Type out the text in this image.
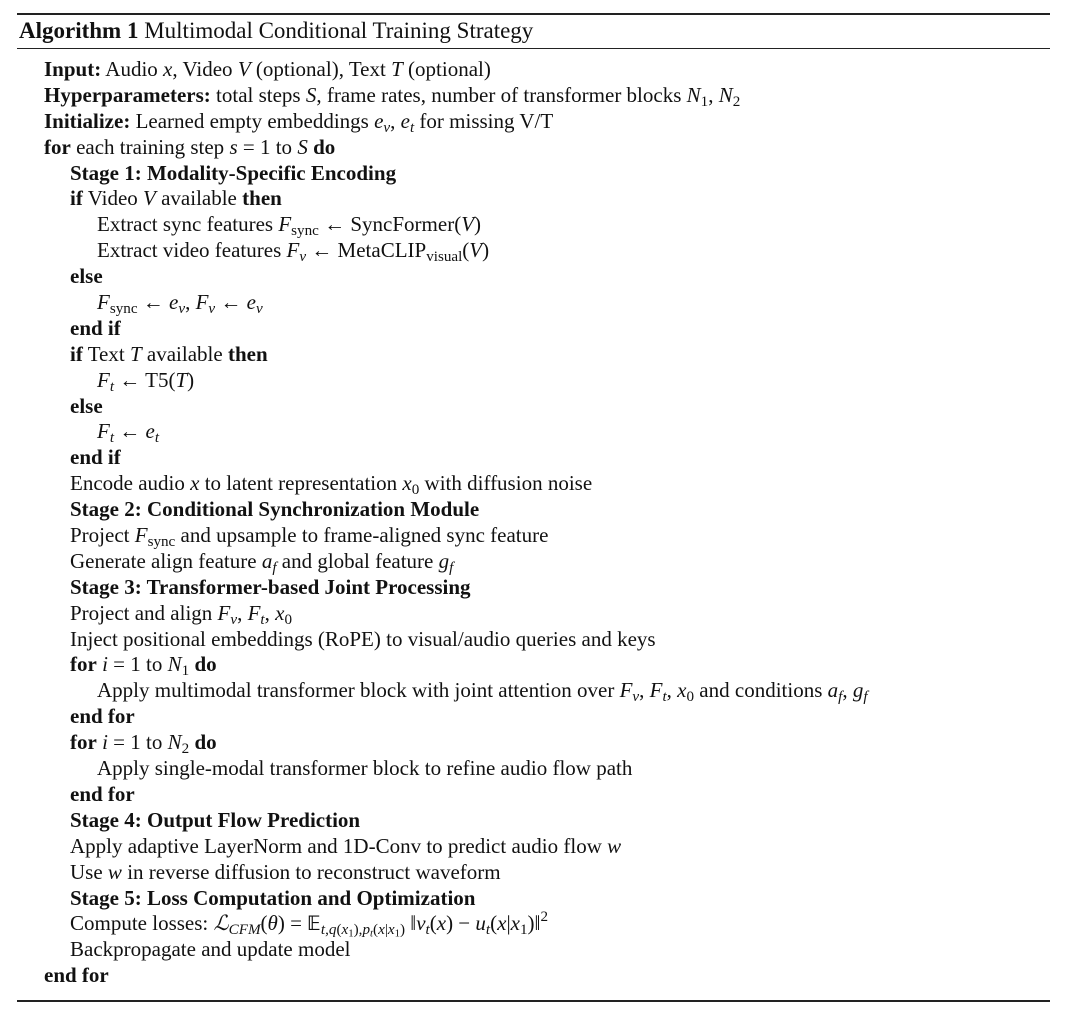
Algorithm 1 Multimodal Conditional Training Strategy
Input: Audio x, Video V (optional), Text T (optional)
Hyperparameters: total steps S, frame rates, number of transformer blocks $N_1$, $N_2$
Initialize: Learned empty embeddings $e_v$, $e_t$ for missing V/T
for each training step s = 1 to S do
Stage 1: Modality-Specific Encoding
if Video V available then
Extract sync features $F_{sync}$ ← SyncFormer(V)
Extract video features $F_v$ ← MetaCLIP$_{visual}$(V)
else
$F_{sync}$ ← $e_v$, $F_v$ ← $e_v$
end if
if Text T available then
$F_t$ ← T5(T)
else
$F_t$ ← $e_t$
end if
Encode audio x to latent representation $x_0$ with diffusion noise
Stage 2: Conditional Synchronization Module
Project $F_{sync}$ and upsample to frame-aligned sync feature
Generate align feature $a_f$ and global feature $g_f$
Stage 3: Transformer-based Joint Processing
Project and align $F_v$, $F_t$, $x_0$
Inject positional embeddings (RoPE) to visual/audio queries and keys
for i = 1 to $N_1$ do
Apply multimodal transformer block with joint attention over $F_v$, $F_t$, $x_0$ and conditions $a_f$, $g_f$
end for
for i = 1 to $N_2$ do
Apply single-modal transformer block to refine audio flow path
end for
Stage 4: Output Flow Prediction
Apply adaptive LayerNorm and 1D-Conv to predict audio flow w
Use w in reverse diffusion to reconstruct waveform
Stage 5: Loss Computation and Optimization
Compute losses: ℒ$_{CFM}$(θ) = 𝔼$_{t,q(x_1),p_t(x|x_1)}$ $‖v_t(x)$ − $u_t(x|x_1)‖^2$
Backpropagate and update model
end for
